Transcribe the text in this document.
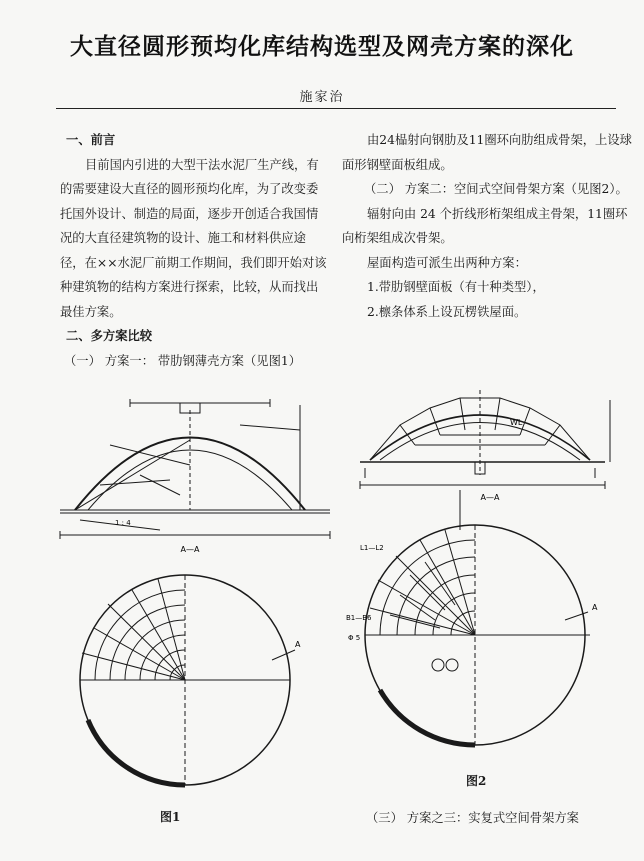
大直径圆形预均化库结构选型及网壳方案的深化
施家治

一、前言

目前国内引进的大型干法水泥厂生产线，有的需要建设大直径的圆形预均化库，为了改变委托国外设计、制造的局面，逐步开创适合我国情况的大直径建筑物的设计、施工和材料供应途径，在××水泥厂前期工作期间，我们即开始对该种建筑物的结构方案进行探索，比较，从而找出最佳方案。

二、多方案比较

（一） 方案一： 带肋钢薄壳方案（见图1）

由24榀射向钢肋及11圈环向肋组成骨架，上设球面形钢壁面板组成。

（二） 方案二：空间式空间骨架方案（见图2）。

辐射向由 24 个折线形桁架组成主骨架，11圈环向桁架组成次骨架。

屋面构造可派生出两种方案：

1.带肋钢壁面板（有十种类型），

2.檩条体系上设瓦楞铁屋面。

A—A
1 : 4
A
图1
A—A
WL
A
L1—L2
B1—B6
Φ 5
图2
（三） 方案之三：实复式空间骨架方案
